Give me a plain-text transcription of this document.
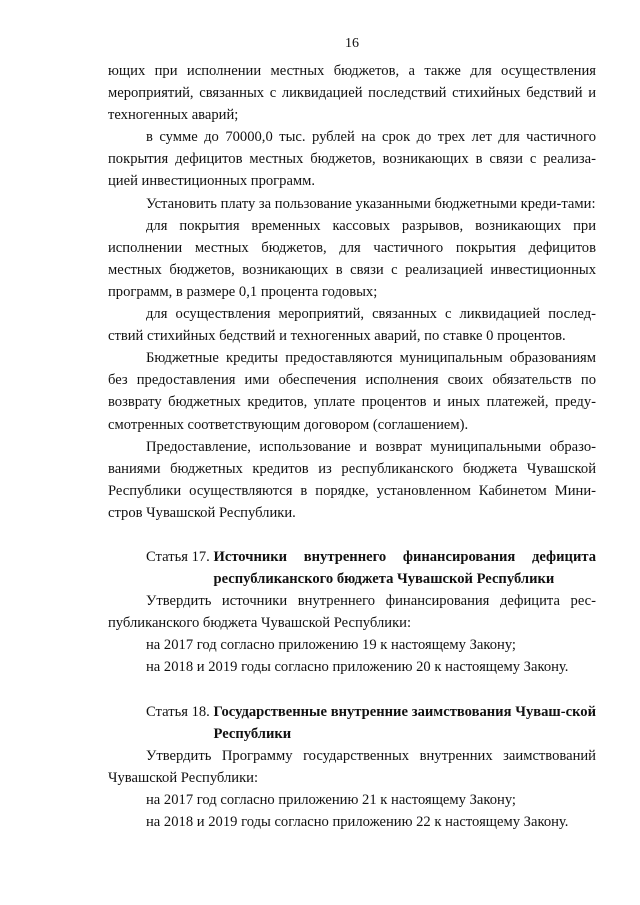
16

ющих при исполнении местных бюджетов, а также для осуществления мероприятий, связанных с ликвидацией последствий стихийных бедствий и техногенных аварий;

в сумме до 70000,0 тыс. рублей на срок до трех лет для частичного покрытия дефицитов местных бюджетов, возникающих в связи с реализа-цией инвестиционных программ.

Установить плату за пользование указанными бюджетными креди-тами:

для покрытия временных кассовых разрывов, возникающих при исполнении местных бюджетов, для частичного покрытия дефицитов местных бюджетов, возникающих в связи с реализацией инвестиционных программ, в размере 0,1 процента годовых;

для осуществления мероприятий, связанных с ликвидацией послед-ствий стихийных бедствий и техногенных аварий, по ставке 0 процентов.

Бюджетные кредиты предоставляются муниципальным образованиям без предоставления ими обеспечения исполнения своих обязательств по возврату бюджетных кредитов, уплате процентов и иных платежей, преду-смотренных соответствующим договором (соглашением).

Предоставление, использование и возврат муниципальными образо-ваниями бюджетных кредитов из республиканского бюджета Чувашской Республики осуществляются в порядке, установленном Кабинетом Мини-стров Чувашской Республики.

Статья 17. Источники внутреннего финансирования дефицита республиканского бюджета Чувашской Республики

Утвердить источники внутреннего финансирования дефицита рес-публиканского бюджета Чувашской Республики:

на 2017 год согласно приложению 19 к настоящему Закону;

на 2018 и 2019 годы согласно приложению 20 к настоящему Закону.

Статья 18. Государственные внутренние заимствования Чуваш-ской Республики

Утвердить Программу государственных внутренних заимствований Чувашской Республики:

на 2017 год согласно приложению 21 к настоящему Закону;

на 2018 и 2019 годы согласно приложению 22 к настоящему Закону.
